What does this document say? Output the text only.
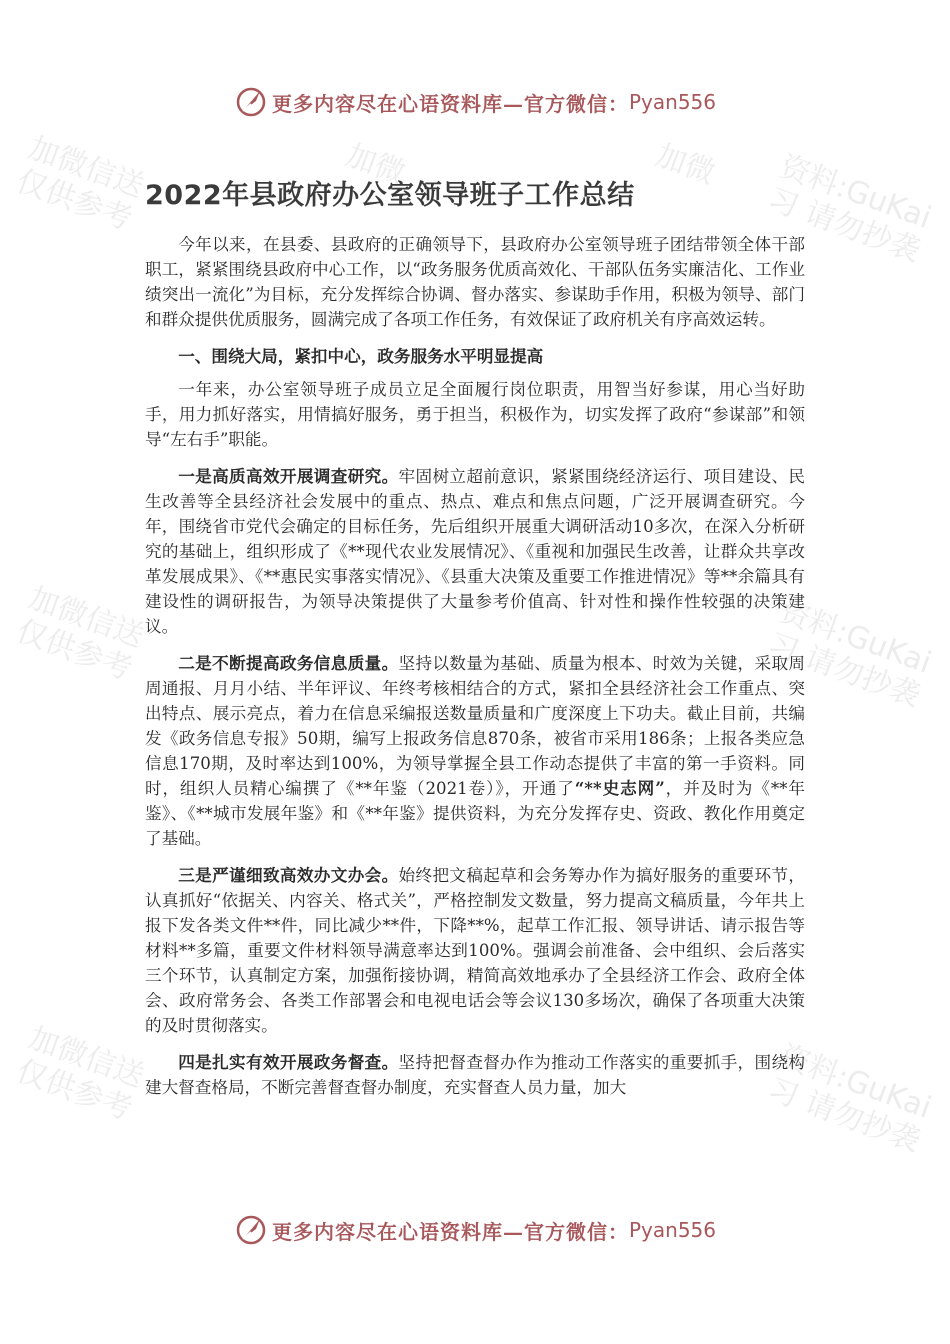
加微信送
仅供参考
加微信送
仅供参考
加微信送
仅供参考
资料:GuKai
习 请勿抄袭
资料:GuKai
习 请勿抄袭
资料:GuKai
习 请勿抄袭
加微	加微
更多内容尽在心语资料库—官方微信： Pyan556
2022年县政府办公室领导班子工作总结

今年以来，在县委、县政府的正确领导下，县政府办公室领导班子团结带领全体干部职工，紧紧围绕县政府中心工作，以“政务服务优质高效化、干部队伍务实廉洁化、工作业绩突出一流化”为目标，充分发挥综合协调、督办落实、参谋助手作用，积极为领导、部门和群众提供优质服务，圆满完成了各项工作任务，有效保证了政府机关有序高效运转。

一、围绕大局，紧扣中心，政务服务水平明显提高

一年来，办公室领导班子成员立足全面履行岗位职责，用智当好参谋，用心当好助手，用力抓好落实，用情搞好服务，勇于担当，积极作为，切实发挥了政府“参谋部”和领导“左右手”职能。

一是高质高效开展调查研究。牢固树立超前意识，紧紧围绕经济运行、项目建设、民生改善等全县经济社会发展中的重点、热点、难点和焦点问题，广泛开展调查研究。今年，围绕省市党代会确定的目标任务，先后组织开展重大调研活动10多次，在深入分析研究的基础上，组织形成了《**现代农业发展情况》、《重视和加强民生改善，让群众共享改革发展成果》、《**惠民实事落实情况》、《县重大决策及重要工作推进情况》等**余篇具有建设性的调研报告，为领导决策提供了大量参考价值高、针对性和操作性较强的决策建议。

二是不断提高政务信息质量。坚持以数量为基础、质量为根本、时效为关键，采取周周通报、月月小结、半年评议、年终考核相结合的方式，紧扣全县经济社会工作重点、突出特点、展示亮点，着力在信息采编报送数量质量和广度深度上下功夫。截止目前，共编发《政务信息专报》50期，编写上报政务信息870条，被省市采用186条；上报各类应急信息170期，及时率达到100%，为领导掌握全县工作动态提供了丰富的第一手资料。同时，组织人员精心编撰了《**年鉴（2021卷）》，开通了“**史志网”，并及时为《**年鉴》、《**城市发展年鉴》和《**年鉴》提供资料，为充分发挥存史、资政、教化作用奠定了基础。

三是严谨细致高效办文办会。始终把文稿起草和会务筹办作为搞好服务的重要环节，认真抓好“依据关、内容关、格式关”，严格控制发文数量，努力提高文稿质量，今年共上报下发各类文件**件，同比减少**件，下降**%，起草工作汇报、领导讲话、请示报告等材料**多篇，重要文件材料领导满意率达到100%。强调会前准备、会中组织、会后落实三个环节，认真制定方案，加强衔接协调，精简高效地承办了全县经济工作会、政府全体会、政府常务会、各类工作部署会和电视电话会等会议130多场次，确保了各项重大决策的及时贯彻落实。

四是扎实有效开展政务督查。坚持把督查督办作为推动工作落实的重要抓手，围绕构建大督查格局，不断完善督查督办制度，充实督查人员力量，加大

更多内容尽在心语资料库—官方微信： Pyan556
